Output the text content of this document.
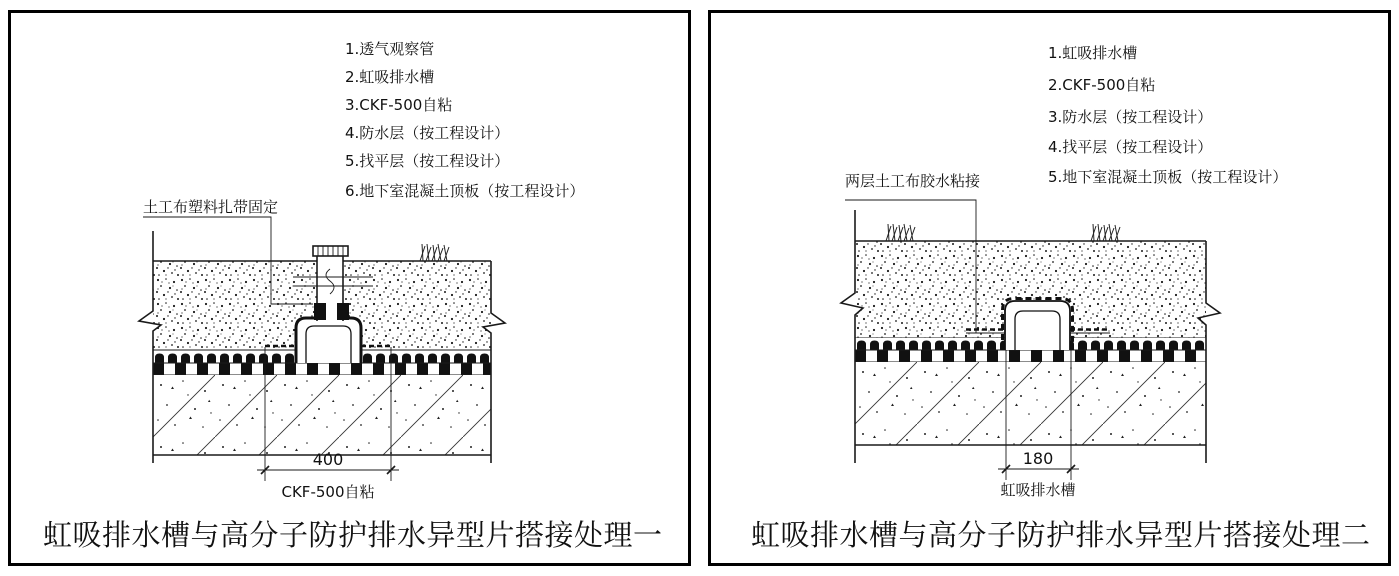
1.透气观察管
2.虹吸排水槽
3.CKF-500自粘
4.防水层（按工程设计）
5.找平层（按工程设计）
6.地下室混凝土顶板（按工程设计）
土工布塑料扎带固定
400
CKF-500自粘
虹吸排水槽与高分子防护排水异型片搭接处理一
1.虹吸排水槽
2.CKF-500自粘
3.防水层（按工程设计）
4.找平层（按工程设计）
5.地下室混凝土顶板（按工程设计）
两层土工布胶水粘接
180
虹吸排水槽
虹吸排水槽与高分子防护排水异型片搭接处理二
